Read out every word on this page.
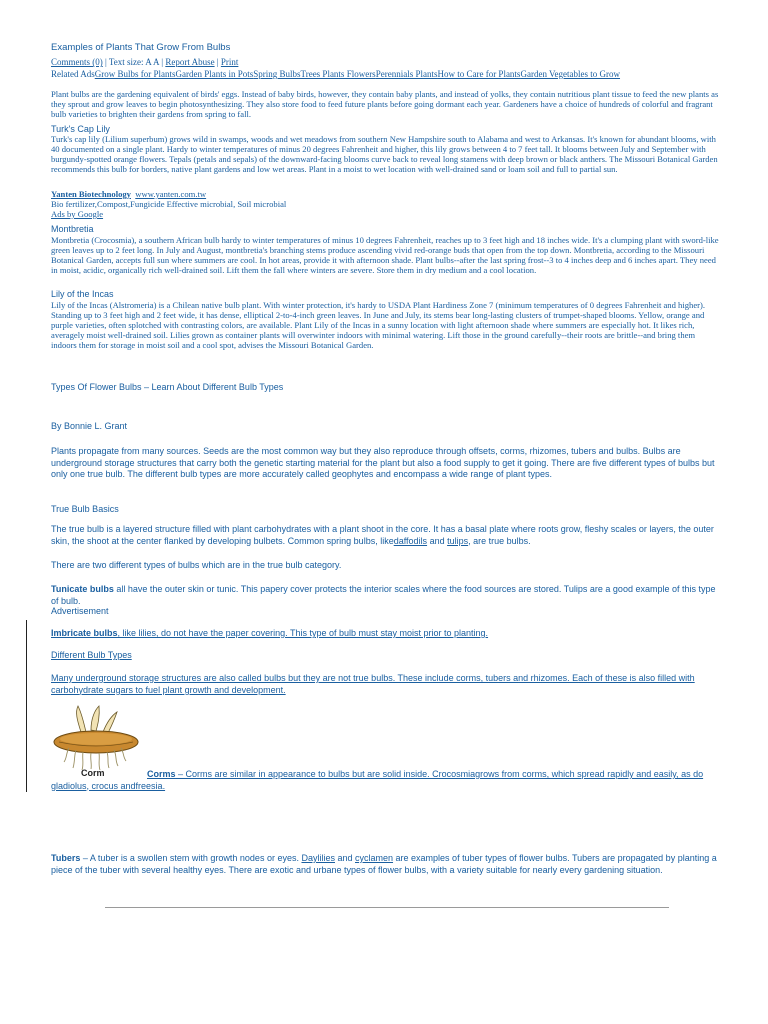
Examples of Plants That Grow From Bulbs
Comments (0) | Text size: A A | Report Abuse | Print
Related AdsGrow Bulbs for PlantsGarden Plants in PotsSpring BulbsTrees Plants FlowersPerennials PlantsHow to Care for PlantsGarden Vegetables to Grow

Plant bulbs are the gardening equivalent of birds' eggs. Instead of baby birds, however, they contain baby plants, and instead of yolks, they contain nutritious plant tissue to feed the new plants as they sprout and grow leaves to begin photosynthesizing. They also store food to feed future plants before going dormant each year. Gardeners have a choice of hundreds of colorful and fragrant bulb varieties to brighten their gardens from spring to fall.

Turk's Cap Lily

Turk's cap lily (Lilium superbum) grows wild in swamps, woods and wet meadows from southern New Hampshire south to Alabama and west to Arkansas. It's known for abundant blooms, with 40 documented on a single plant. Hardy to winter temperatures of minus 20 degrees Fahrenheit and higher, this lily grows between 4 to 7 feet tall. It blooms between July and September with burgundy-spotted orange flowers. Tepals (petals and sepals) of the downward-facing blooms curve back to reveal long stamens with deep brown or black anthers. The Missouri Botanical Garden recommends this bulb for borders, native plant gardens and low wet areas. Plant in a moist to wet location with well-drained sand or loam soil and full to partial sun.

Yanten Biotechnology www.yanten.com.tw
Bio fertilizer,Compost,Fungicide Effective microbial, Soil microbial
Ads by Google
Montbretia

Montbretia (Crocosmia), a southern African bulb hardy to winter temperatures of minus 10 degrees Fahrenheit, reaches up to 3 feet high and 18 inches wide. It's a clumping plant with sword-like green leaves up to 2 feet long. In July and August, montbretia's branching stems produce ascending vivid red-orange buds that open from the top down. Montbretia, according to the Missouri Botanical Garden, accepts full sun where summers are cool. In hot areas, provide it with afternoon shade. Plant bulbs--after the last spring frost--3 to 4 inches deep and 6 inches apart. They need in moist, acidic, organically rich well-drained soil. Lift them the fall where winters are severe. Store them in dry medium and a cool location.

Lily of the Incas

Lily of the Incas (Alstromeria) is a Chilean native bulb plant. With winter protection, it's hardy to USDA Plant Hardiness Zone 7 (minimum temperatures of 0 degrees Fahrenheit and higher). Standing up to 3 feet high and 2 feet wide, it has dense, elliptical 2-to-4-inch green leaves. In June and July, its stems bear long-lasting clusters of trumpet-shaped blooms. Yellow, orange and purple varieties, often splotched with contrasting colors, are available. Plant Lily of the Incas in a sunny location with light afternoon shade where summers are especially hot. It likes rich, averagely moist well-drained soil. Lilies grown as container plants will overwinter indoors with minimal watering. Lift those in the ground carefully--their roots are brittle--and bring them indoors them for storage in moist soil and a cool spot, advises the Missouri Botanical Garden.

Types Of Flower Bulbs – Learn About Different Bulb Types
By Bonnie L. Grant

Plants propagate from many sources. Seeds are the most common way but they also reproduce through offsets, corms, rhizomes, tubers and bulbs. Bulbs are underground storage structures that carry both the genetic starting material for the plant but also a food supply to get it going. There are five different types of bulbs but only one true bulb. The different bulb types are more accurately called geophytes and encompass a wide range of plant types.

True Bulb Basics

The true bulb is a layered structure filled with plant carbohydrates with a plant shoot in the core. It has a basal plate where roots grow, fleshy scales or layers, the outer skin, the shoot at the center flanked by developing bulbets. Common spring bulbs, likedaffodils and tulips, are true bulbs.

There are two different types of bulbs which are in the true bulb category.

Tunicate bulbs all have the outer skin or tunic. This papery cover protects the interior scales where the food sources are stored. Tulips are a good example of this type of bulb.

Advertisement

Imbricate bulbs, like lilies, do not have the paper covering. This type of bulb must stay moist prior to planting.

Different Bulb Types

Many underground storage structures are also called bulbs but they are not true bulbs. These include corms, tubers and rhizomes. Each of these is also filled with carbohydrate sugars to fuel plant growth and development.

Corm	Corms – Corms are similar in appearance to bulbs but are solid inside. Crocosmiagrows from corms, which spread rapidly and easily, as do gladiolus, crocus andfreesia.

Tubers – A tuber is a swollen stem with growth nodes or eyes. Daylilies and cyclamen are examples of tuber types of flower bulbs. Tubers are propagated by planting a piece of the tuber with several healthy eyes. There are exotic and urbane types of flower bulbs, with a variety suitable for nearly every gardening situation.
